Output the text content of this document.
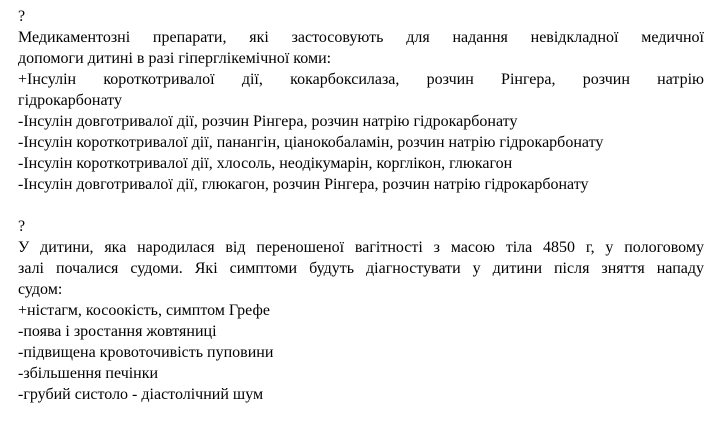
?
Медикаментозні препарати, які застосовують для надання невідкладної медичної
допомоги дитині в разі гіперглікемічної коми:
+Інсулін короткотривалої дії, кокарбоксилаза, розчин Рінгера, розчин натрію
гідрокарбонату
-Інсулін довготривалої дії, розчин Рінгера, розчин натрію гідрокарбонату
-Інсулін короткотривалої дії, панангін, ціанокобаламін, розчин натрію гідрокарбонату
-Інсулін короткотривалої дії, хлосоль, неодікумарін, корглікон, глюкагон
-Інсулін довготривалої дії, глюкагон, розчин Рінгера, розчин натрію гідрокарбонату
?
У дитини, яка народилася від переношеної вагітності з масою тіла 4850 г, у пологовому
залі почалися судоми. Які симптоми будуть діагностувати у дитини після зняття нападу
судом:
+ністагм, косоокість, симптом Грефе
-поява і зростання жовтяниці
-підвищена кровоточивість пуповини
-збільшення печінки
-грубий систоло - діастолічний шум
